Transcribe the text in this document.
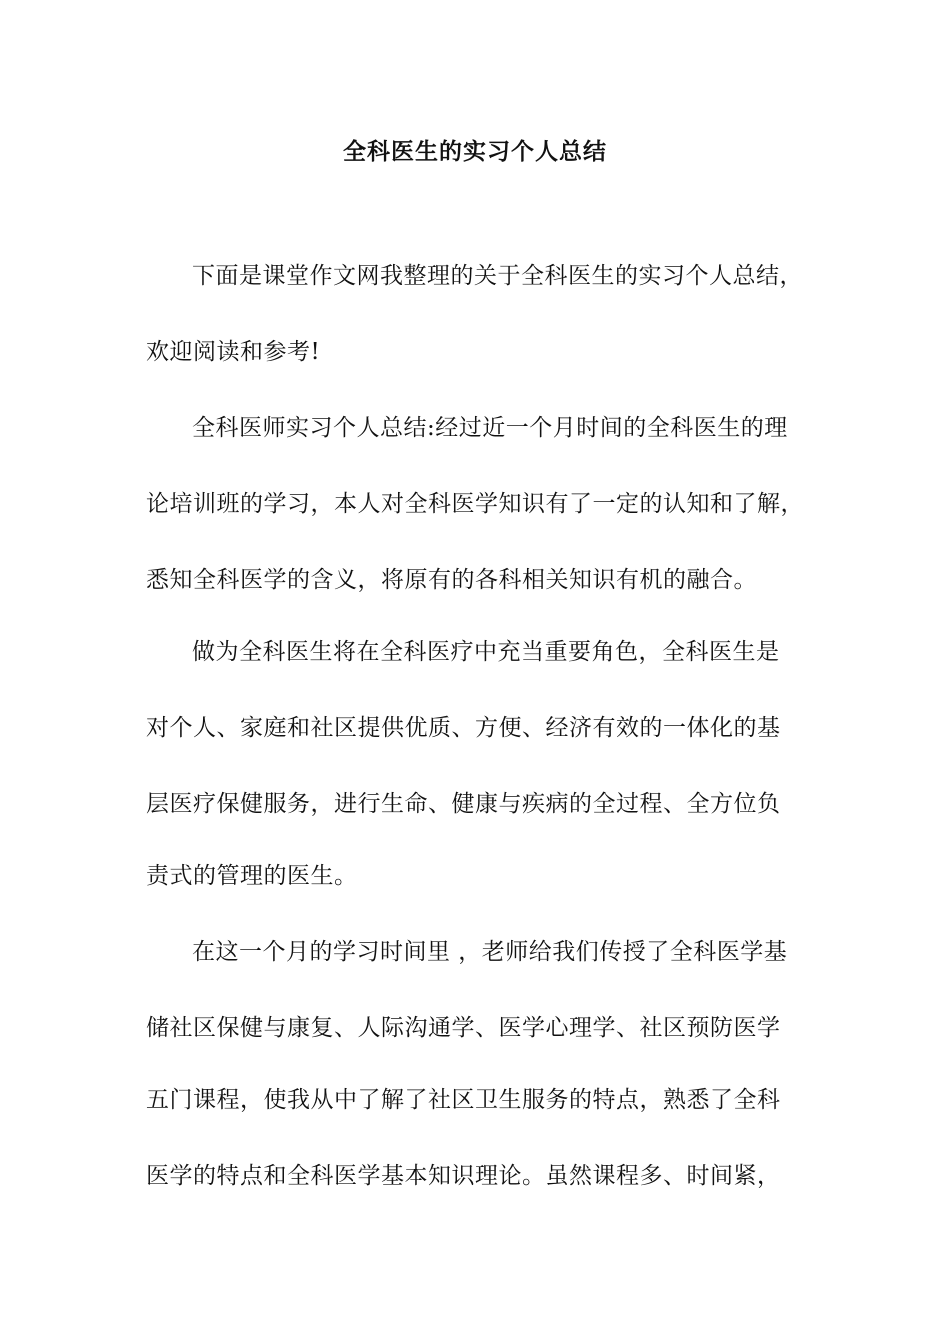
全科医生的实习个人总结
下面是课堂作文网我整理的关于全科医生的实习个人总结，
欢迎阅读和参考!
全科医师实习个人总结:经过近一个月时间的全科医生的理
论培训班的学习，本人对全科医学知识有了一定的认知和了解，
悉知全科医学的含义，将原有的各科相关知识有机的融合。
做为全科医生将在全科医疗中充当重要角色，全科医生是
对个人、家庭和社区提供优质、方便、经济有效的一体化的基
层医疗保健服务，进行生命、健康与疾病的全过程、全方位负
责式的管理的医生。
在这一个月的学习时间里 ，老师给我们传授了全科医学基
储社区保健与康复、人际沟通学、医学心理学、社区预防医学
五门课程，使我从中了解了社区卫生服务的特点，熟悉了全科
医学的特点和全科医学基本知识理论。虽然课程多、时间紧，
